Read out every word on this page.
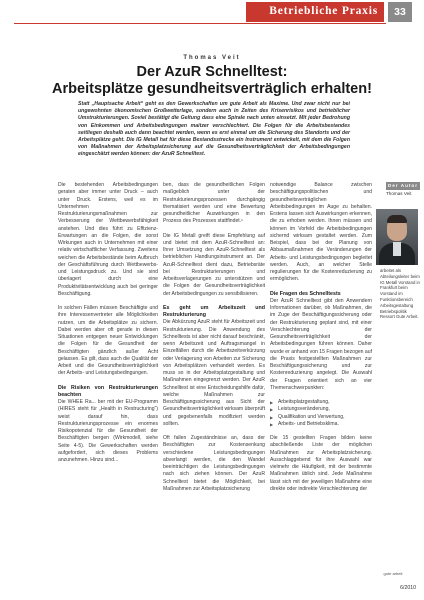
Betriebliche Praxis	33
Thomas Veit
Der AzuR Schnelltest:
Arbeitsplätze gesundheitsverträglich erhalten!
Statt „Hauptsache Arbeit“ geht es den Gewerkschaften um gute Arbeit als Maxime. Und zwar nicht nur bei ungewohnten ökonomischen Großwetterlage, sondern auch in Zeiten des Krisenrisikos und betrieblicher Umstrukturierungen. Soviel bestätigt die Geltung dass eine Spirale nach unten einsetzt. Mit jeder Bedrohung von Einkommen und Arbeitsbedingungen maitzer verschlechtert. Die Folgen für die Arbeitsbestandes seitliegen deshalb auch dann beachtet werden, wenn es erst einmal um die Sicherung des Standorts und der Arbeitsplätze geht. Die IG Metall hat für diese Bestandsstrecke ein Instrument entwickelt, mit dem die Folgen von Maßnahmen der Arbeitsplatzsicherung auf die Gesundheitsverträglichkeit der Arbeitsbedingungen eingeschätzt werden können: der AzuR Schnelltest.

Die bestehenden Arbeitsbedingungen geraten aber immer unter Druck – auch unter Druck. Erstens, weil es im Unternehmen Restrukturierungsmaßnahmen zur Verbesserung der Wettbewerbsfähigkeit anstehen. Und dies führt zu Effizienz-Erwartungen an die Folgen, die sonst Wirkungen auch in Unternehmen mit einer relativ wirtschaftlicher Verfassung. Zweitens weichen die Arbeitsbestände beim Aufbruch der Geschäftsführung durch Wettbewerbs- und Leistungsdruck zu. Und sie sind überlagert durch eine Produktivitätsentwicklung auch bei geringer Beschäftigung.

In solchen Fällen müssen Beschäftigte und ihre Interessenvertreter alle Möglichkeiten nutzen, um die Arbeitsplätze zu sichern. Dabei werden aber oft gerade in diesen Situationen entgegen neuer Entwicklungen die Folgen für die Gesundheit der Beschäftigten gänzlich außer Acht gelassen. Es gilt, dass auch die Qualität der Arbeit und die Gesundheitsverträglichkeit der Arbeits- und Leistungsbedingungen.

Die Risiken von Restrukturierungen beachten

Die WHEE Ra... ber mit der EU-Programm (HIRES steht für „Health in Restructuring“) weist darauf hin, dass Restrukturierungsprozesse ein enormes Risikopotenzial für die Gesundheit der Beschäftigten bergen (Wirkmodell, siehe Seite 4-5). Die Gewerkschaften werden aufgefordert, sich dieses Problems anzunehmen. Hinzu sind...

ben, dass die gesundheitlichen Folgen maßgeblich unter der Restrukturierungsprozessen durchgängig thematisiert werden und eine Bewertung gesundheitlicher Auswirkungen in den Prozess des Prozesses stattfindet.¹

Die IG Metall greift diese Empfehlung auf und bietet mit dem AzuR-Schnelltest an: Ihrer Umsetzung den AzuR-Schnelltest als betrieblichen Handlungsinstrument an. Der AzuR-Schnelltest dient dazu, Betriebsräte bei Restrukturierungen und Arbeitsverlagerungen zu unterstützen und die Folgen der Gesundheitsverträglichkeit der Arbeitsbedingungen zu sensibilisieren.

Es geht um Arbeitszeit und Restrukturierung

Die Abkürzung AzuR steht für Arbeitszeit und Restrukturierung. Die Anwendung des Schnelltests ist aber nicht darauf beschränkt, wenn Arbeitszeit und Auftragsmangel in Einzelfällen durch die Arbeitszeitverkürzung oder Verlagerung von Arbeiten zur Sicherung von Arbeitsplätzen verhandelt werden. Es muss so in der Arbeitsplatzgestaltung und Maßnahmen eingegrenzt werden. Der AzuR Schnelltest ist eine Entscheidungshilfe dafür, welche Maßnahmen zur Beschäftigungssicherung aus Sicht der Gesundheitsverträglichkeit wirksam überprüft und gegebenenfalls modifiziert werden sollten.

Oft fallen Zugeständnisse an, dass der Beschäftigten zur Kostensenkung verschiedene Leistungsbedingungen abverlangt werden, die den Wandel beeinträchtigen die Leistungsbedingungen nach sich ziehen können. Der AzuR Schnelltest bietet die Möglichkeit, bei Maßnahmen zur Arbeitsplatzsicherung

notwendige Balance zwischen beschäftigungspolitischen und gesundheitsverträglichen Arbeitsbedingungen im Auge zu behalten. Erstens lassen sich Auswirkungen erkennen, die zu erhoben werden. Ihnen müssen und können im Vorfeld die Arbeitsbedingungen sichernd wirksam gestaltet werden. Zum Beispiel, dass bei der Planung von Abbaumaßnahmen die Veränderungen der Arbeits- und Leistungsbedingungen begleitet werden. Auch, an welcher Stelle regulierungen für die Kostenreduzierung zu ermöglichen.

Die Fragen des Schnelltests

Der AzuR Schnelltest gibt den Anwendern Informationen darüber, ob Maßnahmen, die im Zuge der Beschäftigungssicherung oder der Restrukturierung geplant sind, mit einer Verschlechterung der Gesundheitsverträglichkeit der Arbeitsbedingungen führen können. Daher wurde er anhand von 15 Fragen bezogen auf die Praxis festgestellten Maßnahmen zur Beschäftigungssicherung und zur Kostenreduzierung angelegt. Die Auswahl der Fragen orientiert sich an vier Themenschwerpunkten:

▶ Arbeitsplatzgestaltung,
▶ Leistungsveränderung,
▶ Qualifikation und Verwertung,
▶ Arbeits- und Betriebsklima.

Die 15 gestellten Fragen bilden keine abschließende Liste der möglichen Maßnahmen zur Arbeitsplatzsicherung. Ausschlaggebend für ihre Auswahl war vielmehr die Häufigkeit, mit der bestimmte Maßnahmen üblich sind. Jede Maßnahme lässt sich mit der jeweiligen Maßnahme eine direkte oder indirekte Verschlechterung der

Der Autor
Thomas Veit
arbeitet als Abteilungsleiter beim IG Metall Vorstand in Frankfurt beim Vorstand im Funktionsbereich Arbeitsgestaltung Betriebspolitik Ressort Gute Arbeit.
gute arbeit
6/2010
